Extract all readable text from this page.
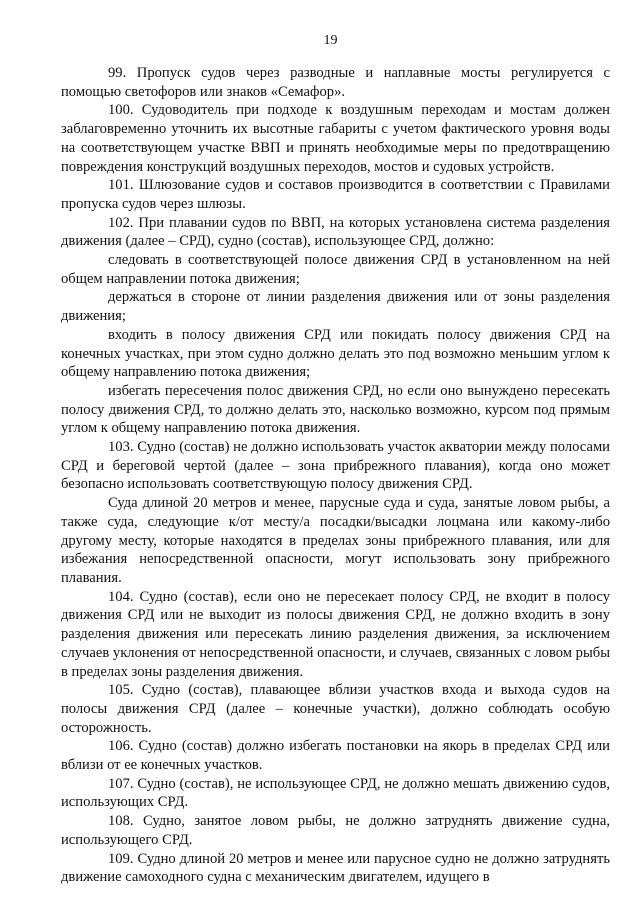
19

99. Пропуск судов через разводные и наплавные мосты регулируется с помощью светофоров или знаков «Семафор».

100. Судоводитель при подходе к воздушным переходам и мостам должен заблаговременно уточнить их высотные габариты с учетом фактического уровня воды на соответствующем участке ВВП и принять необходимые меры по предотвращению повреждения конструкций воздушных переходов, мостов и судовых устройств.

101. Шлюзование судов и составов производится в соответствии с Правилами пропуска судов через шлюзы.

102. При плавании судов по ВВП, на которых установлена система разделения движения (далее – СРД), судно (состав), использующее СРД, должно:

следовать в соответствующей полосе движения СРД в установленном на ней общем направлении потока движения;

держаться в стороне от линии разделения движения или от зоны разделения движения;

входить в полосу движения СРД или покидать полосу движения СРД на конечных участках, при этом судно должно делать это под возможно меньшим углом к общему направлению потока движения;

избегать пересечения полос движения СРД, но если оно вынуждено пересекать полосу движения СРД, то должно делать это, насколько возможно, курсом под прямым углом к общему направлению потока движения.

103. Судно (состав) не должно использовать участок акватории между полосами СРД и береговой чертой (далее – зона прибрежного плавания), когда оно может безопасно использовать соответствующую полосу движения СРД.

Суда длиной 20 метров и менее, парусные суда и суда, занятые ловом рыбы, а также суда, следующие к/от месту/а посадки/высадки лоцмана или какому-либо другому месту, которые находятся в пределах зоны прибрежного плавания, или для избежания непосредственной опасности, могут использовать зону прибрежного плавания.

104. Судно (состав), если оно не пересекает полосу СРД, не входит в полосу движения СРД или не выходит из полосы движения СРД, не должно входить в зону разделения движения или пересекать линию разделения движения, за исключением случаев уклонения от непосредственной опасности, и случаев, связанных с ловом рыбы в пределах зоны разделения движения.

105. Судно (состав), плавающее вблизи участков входа и выхода судов на полосы движения СРД (далее – конечные участки), должно соблюдать особую осторожность.

106. Судно (состав) должно избегать постановки на якорь в пределах СРД или вблизи от ее конечных участков.

107. Судно (состав), не использующее СРД, не должно мешать движению судов, использующих СРД.

108. Судно, занятое ловом рыбы, не должно затруднять движение судна, использующего СРД.

109. Судно длиной 20 метров и менее или парусное судно не должно затруднять движение самоходного судна с механическим двигателем, идущего в
